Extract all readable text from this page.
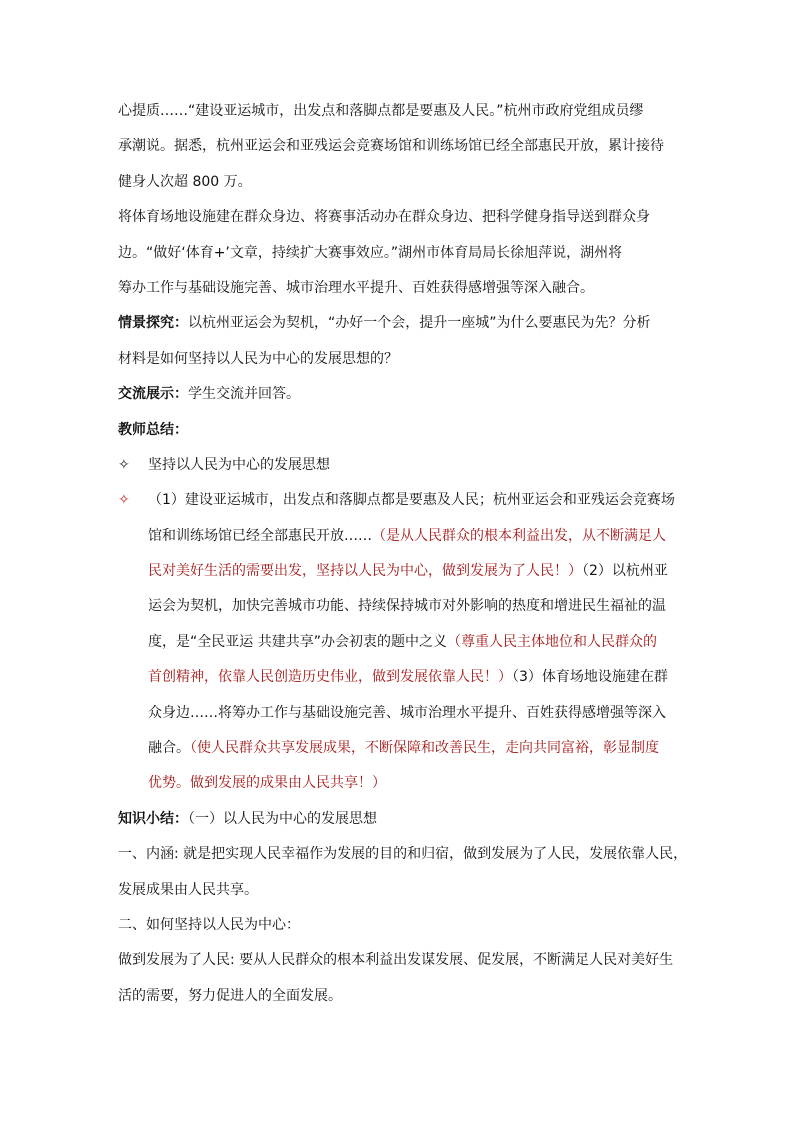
心提质……“建设亚运城市，出发点和落脚点都是要惠及人民。”杭州市政府党组成员缪
承潮说。据悉，杭州亚运会和亚残运会竞赛场馆和训练场馆已经全部惠民开放，累计接待
健身人次超 800 万。
将体育场地设施建在群众身边、将赛事活动办在群众身边、把科学健身指导送到群众身
边。“做好‘体育+’文章，持续扩大赛事效应。”湖州市体育局局长徐旭萍说，湖州将
筹办工作与基础设施完善、城市治理水平提升、百姓获得感增强等深入融合。
情景探究：以杭州亚运会为契机，“办好一个会，提升一座城”为什么要惠民为先？分析
材料是如何坚持以人民为中心的发展思想的？
交流展示：学生交流并回答。
教师总结：
✧	坚持以人民为中心的发展思想
✧	（1）建设亚运城市，出发点和落脚点都是要惠及人民；杭州亚运会和亚残运会竞赛场
馆和训练场馆已经全部惠民开放……（是从人民群众的根本利益出发，从不断满足人
民对美好生活的需要出发，坚持以人民为中心，做到发展为了人民！）（2）以杭州亚
运会为契机，加快完善城市功能、持续保持城市对外影响的热度和增进民生福祉的温
度，是“全民亚运 共建共享”办会初衷的题中之义（尊重人民主体地位和人民群众的
首创精神，依靠人民创造历史伟业，做到发展依靠人民！）（3）体育场地设施建在群
众身边……将筹办工作与基础设施完善、城市治理水平提升、百姓获得感增强等深入
融合。（使人民群众共享发展成果，不断保障和改善民生，走向共同富裕，彰显制度
优势。做到发展的成果由人民共享！）
知识小结：（一）以人民为中心的发展思想
一、内涵: 就是把实现人民幸福作为发展的目的和归宿，做到发展为了人民，发展依靠人民，
发展成果由人民共享。
二、如何坚持以人民为中心：
做到发展为了人民: 要从人民群众的根本利益出发谋发展、促发展，不断满足人民对美好生
活的需要，努力促进人的全面发展。
